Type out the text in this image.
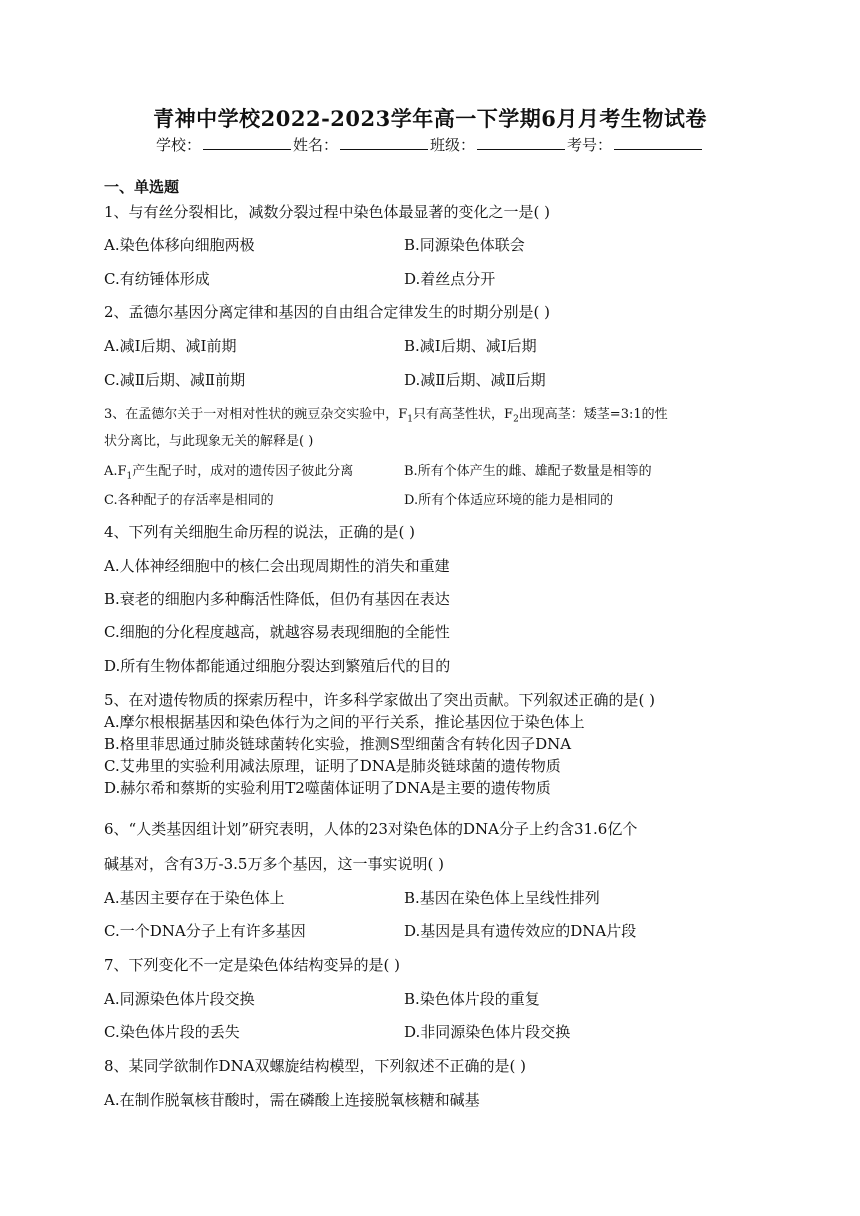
青神中学校2022-2023学年高一下学期6月月考生物试卷
学校：	姓名：	班级：	考号：
一、单选题
1、与有丝分裂相比，减数分裂过程中染色体最显著的变化之一是( )
A.染色体移向细胞两极	B.同源染色体联会
C.有纺锤体形成	D.着丝点分开
2、孟德尔基因分离定律和基因的自由组合定律发生的时期分别是( )
A.减Ⅰ后期、减Ⅰ前期	B.减Ⅰ后期、减Ⅰ后期
C.减Ⅱ后期、减Ⅱ前期	D.减Ⅱ后期、减Ⅱ后期
3、在孟德尔关于一对相对性状的豌豆杂交实验中，$F_1$只有高茎性状，$F_2$出现高茎：矮茎=3:1的性
状分离比，与此现象无关的解释是( )
$A.F_1$产生配子时，成对的遗传因子彼此分离	B.所有个体产生的雌、雄配子数量是相等的
C.各种配子的存活率是相同的	D.所有个体适应环境的能力是相同的
4、下列有关细胞生命历程的说法，正确的是( )
A.人体神经细胞中的核仁会出现周期性的消失和重建
B.衰老的细胞内多种酶活性降低，但仍有基因在表达
C.细胞的分化程度越高，就越容易表现细胞的全能性
D.所有生物体都能通过细胞分裂达到繁殖后代的目的
5、在对遗传物质的探索历程中，许多科学家做出了突出贡献。下列叙述正确的是( )
A.摩尔根根据基因和染色体行为之间的平行关系，推论基因位于染色体上
B.格里菲思通过肺炎链球菌转化实验，推测S型细菌含有转化因子DNA
C.艾弗里的实验利用减法原理，证明了DNA是肺炎链球菌的遗传物质
D.赫尔希和蔡斯的实验利用T2噬菌体证明了DNA是主要的遗传物质
6、“人类基因组计划”研究表明，人体的23对染色体的DNA分子上约含31.6亿个
碱基对，含有3万-3.5万多个基因，这一事实说明( )
A.基因主要存在于染色体上	B.基因在染色体上呈线性排列
C.一个DNA分子上有许多基因	D.基因是具有遗传效应的DNA片段
7、下列变化不一定是染色体结构变异的是( )
A.同源染色体片段交换	B.染色体片段的重复
C.染色体片段的丢失	D.非同源染色体片段交换
8、某同学欲制作DNA双螺旋结构模型，下列叙述不正确的是( )
A.在制作脱氧核苷酸时，需在磷酸上连接脱氧核糖和碱基
